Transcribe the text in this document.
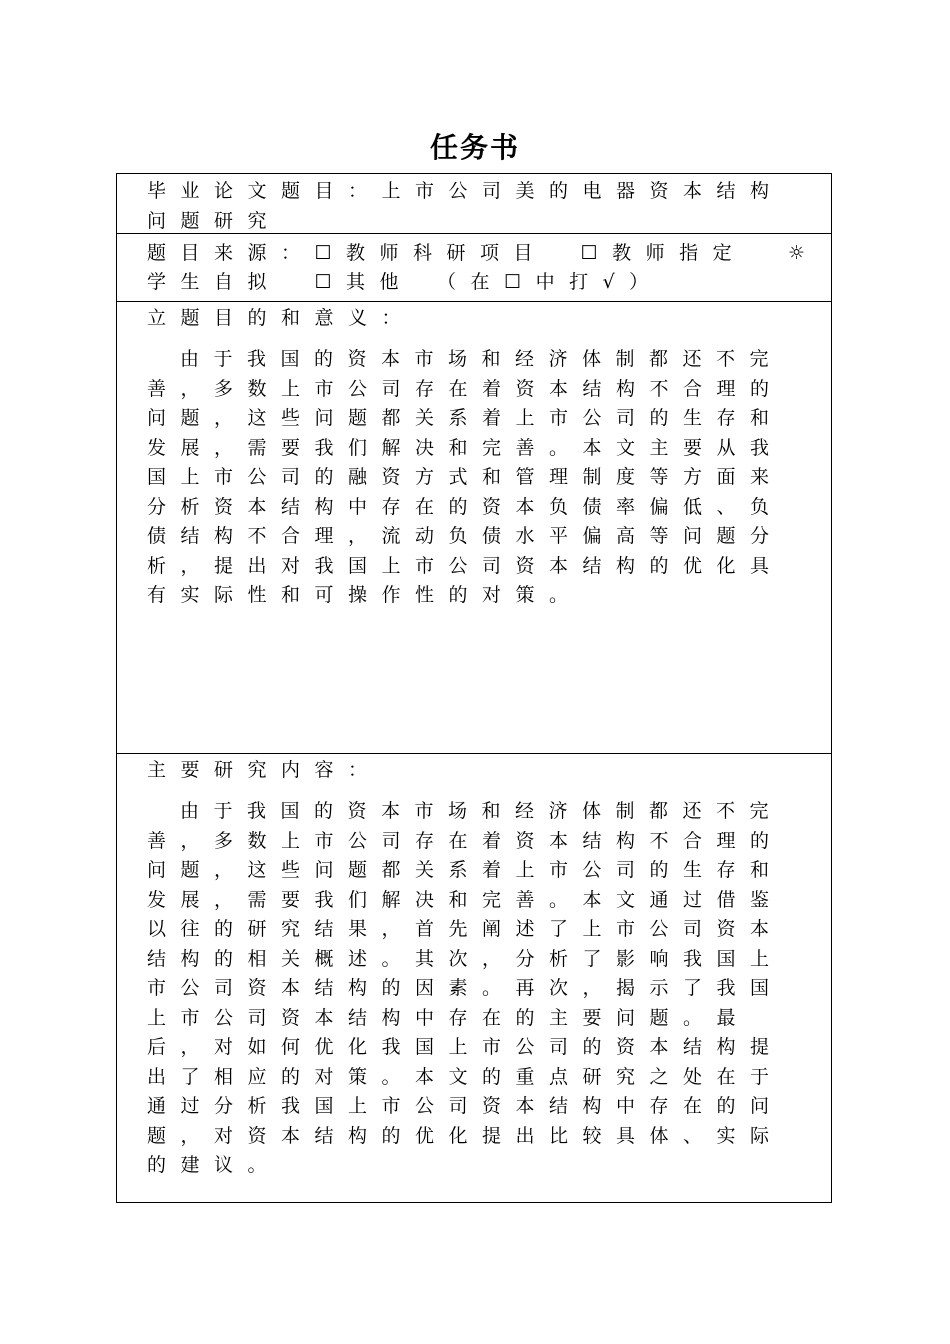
任务书
毕业论文题目：上市公司美的电器资本结构问题研究
题目来源：☐教师科研项目　☐教师指定	☼
学生自拟　☐其他　（在☐中打√）
立题目的和意义：
由于我国的资本市场和经济体制都还不完善，多数上市公司存在着资本结构不合理的问题，这些问题都关系着上市公司的生存和发展，需要我们解决和完善。本文主要从我国上市公司的融资方式和管理制度等方面来分析资本结构中存在的资本负债率偏低、负债结构不合理，流动负债水平偏高等问题分析，提出对我国上市公司资本结构的优化具有实际性和可操作性的对策。
主要研究内容：
由于我国的资本市场和经济体制都还不完善，多数上市公司存在着资本结构不合理的问题，这些问题都关系着上市公司的生存和发展，需要我们解决和完善。本文通过借鉴以往的研究结果，首先阐述了上市公司资本结构的相关概述。其次，分析了影响我国上市公司资本结构的因素。再次，揭示了我国上市公司资本结构中存在的主要问题。最后，对如何优化我国上市公司的资本结构提出了相应的对策。本文的重点研究之处在于通过分析我国上市公司资本结构中存在的问题，对资本结构的优化提出比较具体、实际的建议。
